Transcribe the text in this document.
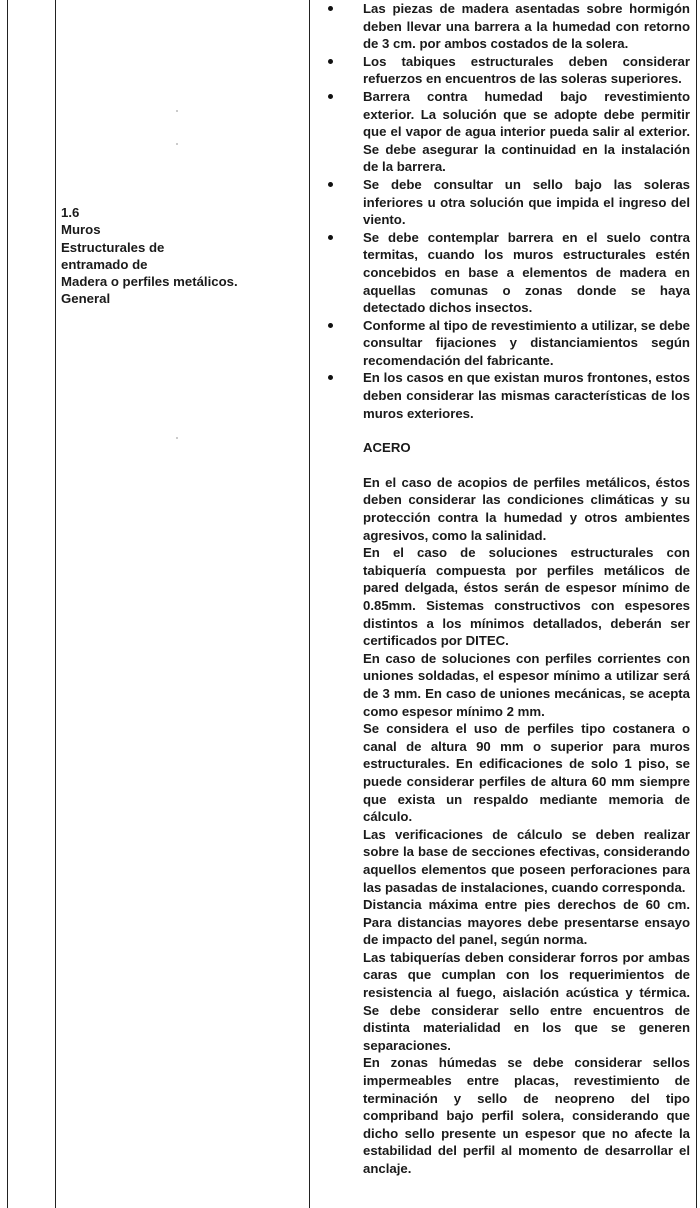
1.6
Muros
Estructurales de
entramado de
Madera o perfiles metálicos.
General
Las piezas de madera asentadas sobre hormigón deben llevar una barrera a la humedad con retorno de 3 cm. por ambos costados de la solera.
Los tabiques estructurales deben considerar refuerzos en encuentros de las soleras superiores.
Barrera contra humedad bajo revestimiento exterior. La solución que se adopte debe permitir que el vapor de agua interior pueda salir al exterior. Se debe asegurar la continuidad en la instalación de la barrera.
Se debe consultar un sello bajo las soleras inferiores u otra solución que impida el ingreso del viento.
Se debe contemplar barrera en el suelo contra termitas, cuando los muros estructurales estén concebidos en base a elementos de madera en aquellas comunas o zonas donde se haya detectado dichos insectos.
Conforme al tipo de revestimiento a utilizar, se debe consultar fijaciones y distanciamientos según recomendación del fabricante.
En los casos en que existan muros frontones, estos deben considerar las mismas características de los muros exteriores.
ACERO

En el caso de acopios de perfiles metálicos, éstos deben considerar las condiciones climáticas y su protección contra la humedad y otros ambientes agresivos, como la salinidad.

En el caso de soluciones estructurales con tabiquería compuesta por perfiles metálicos de pared delgada, éstos serán de espesor mínimo de 0.85mm. Sistemas constructivos con espesores distintos a los mínimos detallados, deberán ser certificados por DITEC.

En caso de soluciones con perfiles corrientes con uniones soldadas, el espesor mínimo a utilizar será de 3 mm. En caso de uniones mecánicas, se acepta como espesor mínimo 2 mm.

Se considera el uso de perfiles tipo costanera o canal de altura 90 mm o superior para muros estructurales. En edificaciones de solo 1 piso, se puede considerar perfiles de altura 60 mm siempre que exista un respaldo mediante memoria de cálculo.

Las verificaciones de cálculo se deben realizar sobre la base de secciones efectivas, considerando aquellos elementos que poseen perforaciones para las pasadas de instalaciones, cuando corresponda.

Distancia máxima entre pies derechos de 60 cm. Para distancias mayores debe presentarse ensayo de impacto del panel, según norma.

Las tabiquerías deben considerar forros por ambas caras que cumplan con los requerimientos de resistencia al fuego, aislación acústica y térmica. Se debe considerar sello entre encuentros de distinta materialidad en los que se generen separaciones.

En zonas húmedas se debe considerar sellos impermeables entre placas, revestimiento de terminación y sello de neopreno del tipo compriband bajo perfil solera, considerando que dicho sello presente un espesor que no afecte la estabilidad del perfil al momento de desarrollar el anclaje.
